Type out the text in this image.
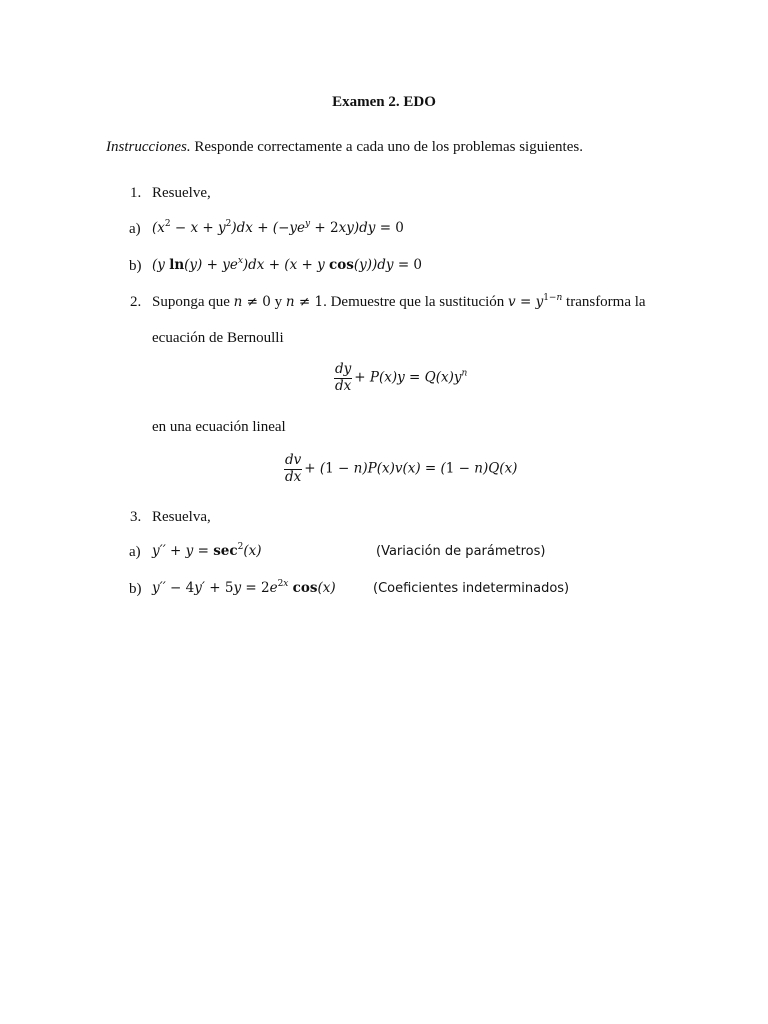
Examen 2. EDO
Instrucciones. Responde correctamente a cada uno de los problemas siguientes.
1. Resuelve,
a) $(x^2 - x + y^2)dx + (-ye^y + 2xy)dy = 0$
b) (y $\ln(y) + ye^x)dx + (x + y$ cos(y))dy = 0
2. Suponga que n ≠ 0 y n ≠ 1. Demuestre que la sustitución $v = y^{1-n}$ transforma la
ecuación de Bernoulli
$\frac{dy}{dx} + P(x)y = Q(x)y^n$
en una ecuación lineal
$\frac{dv}{dx} + (1 - n)P(x)v(x) = (1 - n)Q(x)$
3. Resuelva,
a) $y'' + y = \sec^2(x)$	(Variación de parámetros)
b) $y'' - 4y' + 5y = 2e^{2x}$ cos(x)	(Coeficientes indeterminados)
